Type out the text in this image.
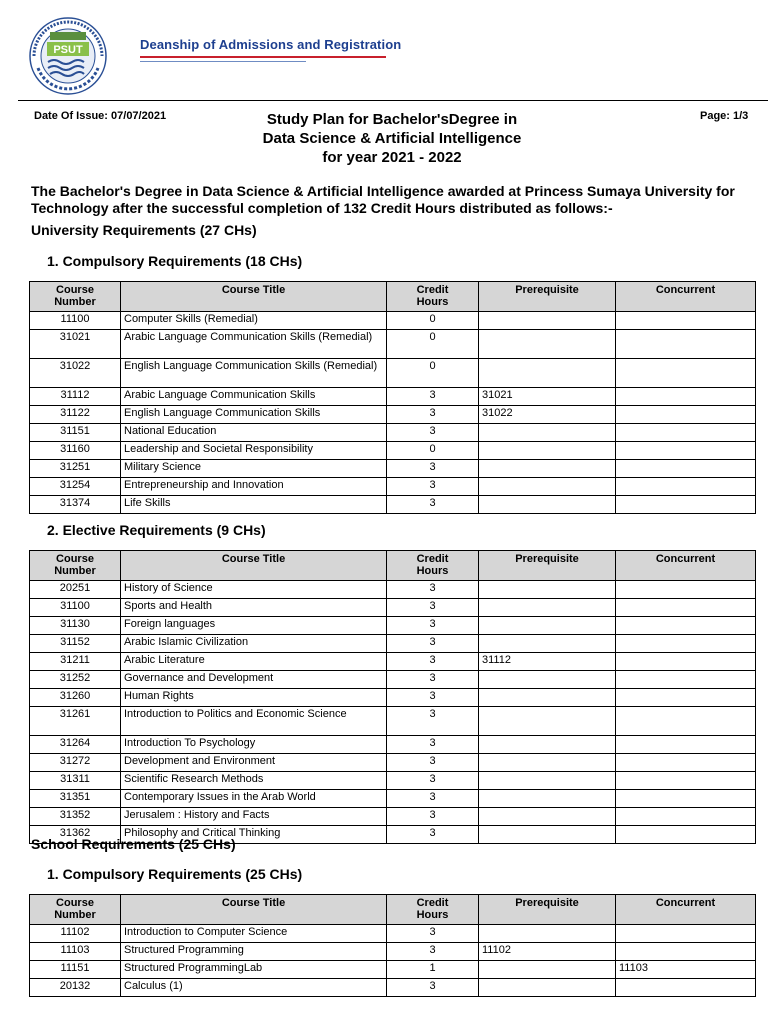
PSUT	Deanship of Admissions and Registration
Date Of Issue: 07/07/2021	Study Plan for Bachelor'sDegree in
Data Science & Artificial Intelligence
for year 2021 - 2022
Page: 1/3
The Bachelor's Degree in Data Science & Artificial Intelligence awarded at Princess Sumaya University for Technology after the successful completion of 132 Credit Hours distributed as follows:-
University Requirements (27 CHs)
1. Compulsory Requirements (18 CHs)
Course
Number	Course Title	Credit
Hours	Prerequisite	Concurrent
11100	Computer Skills (Remedial)	0		
31021	Arabic Language Communication Skills (Remedial)	0		
31022	English Language Communication Skills (Remedial)	0		
31112	Arabic Language Communication Skills	3	31021	
31122	English Language Communication Skills	3	31022	
31151	National Education	3		
31160	Leadership and Societal Responsibility	0		
31251	Military Science	3		
31254	Entrepreneurship and Innovation	3		
31374	Life Skills	3		
2. Elective Requirements (9 CHs)
Course
Number	Course Title	Credit
Hours	Prerequisite	Concurrent
20251	History of Science	3		
31100	Sports and Health	3		
31130	Foreign languages	3		
31152	Arabic Islamic Civilization	3		
31211	Arabic Literature	3	31112	
31252	Governance and Development	3		
31260	Human Rights	3		
31261	Introduction to Politics and Economic Science	3		
31264	Introduction To Psychology	3		
31272	Development and Environment	3		
31311	Scientific Research Methods	3		
31351	Contemporary Issues in the Arab World	3		
31352	Jerusalem : History and Facts	3		
31362	Philosophy and Critical Thinking	3		
School Requirements (25 CHs)
1. Compulsory Requirements (25 CHs)
Course
Number	Course Title	Credit
Hours	Prerequisite	Concurrent
11102	Introduction to Computer Science	3		
11103	Structured Programming	3	11102	
11151	Structured ProgrammingLab	1		11103
20132	Calculus (1)	3		
